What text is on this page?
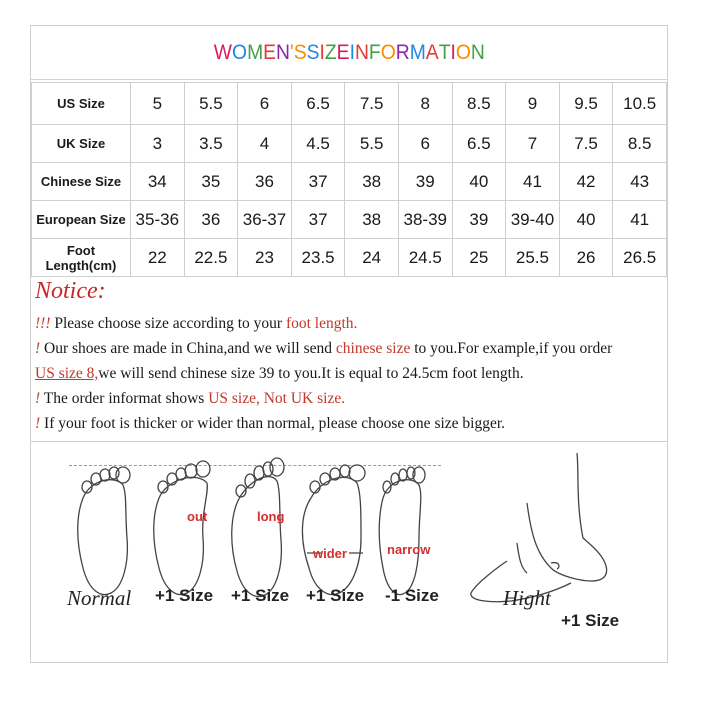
WOMEN'SSIZEINFORMATION
US Size	5	5.5	6	6.5	7.5	8	8.5	9	9.5	10.5
UK Size	3	3.5	4	4.5	5.5	6	6.5	7	7.5	8.5
Chinese Size	34	35	36	37	38	39	40	41	42	43
European Size	35-36	36	36-37	37	38	38-39	39	39-40	40	41
Foot Length(cm)	22	22.5	23	23.5	24	24.5	25	25.5	26	26.5
Notice:
!!! Please choose size according to your foot length.
! Our shoes are made in China,and we will send chinese size to you.For example,if you order
US size 8,we will send chinese size 39 to you.It is equal to 24.5cm foot length.
! The order informat shows US size, Not UK size.
! If your foot is thicker or wider than normal, please choose one size bigger.
out	long
wider	narrow
Normal +1 Size +1 Size +1 Size -1 Size	Hight
+1 Size
